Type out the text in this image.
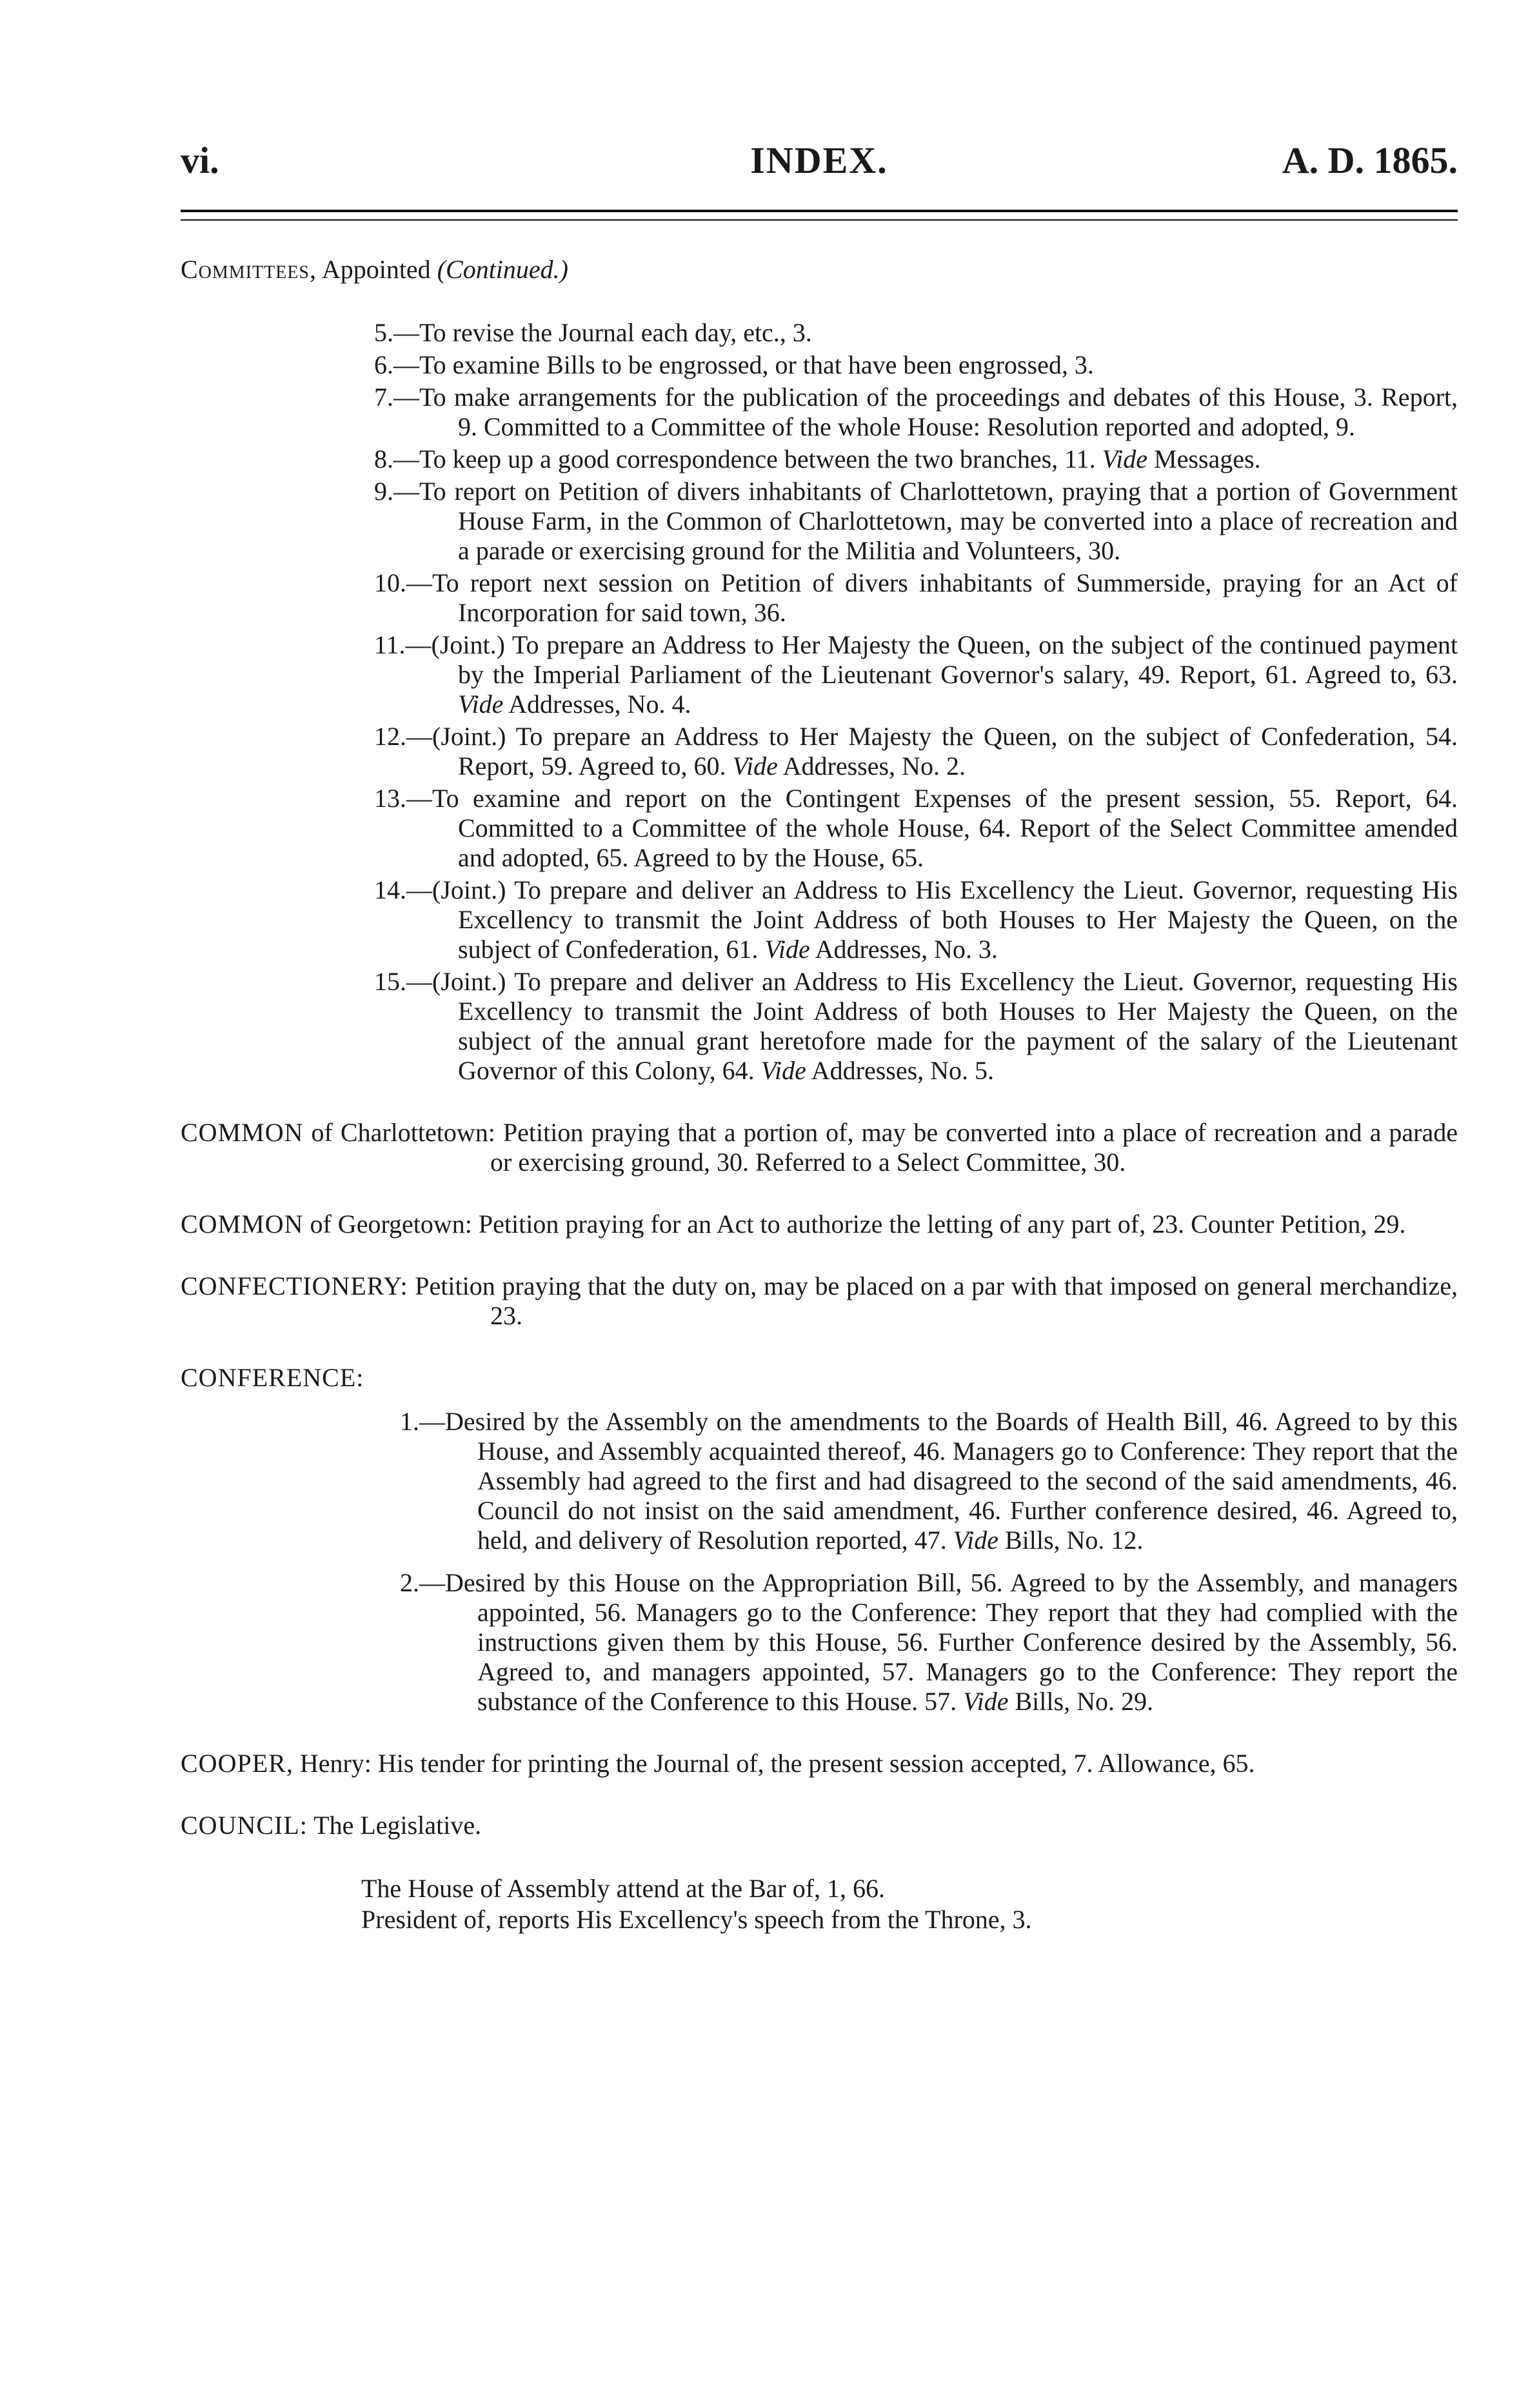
vi.	INDEX.	A. D. 1865.
Committees, Appointed (Continued.)
5.—To revise the Journal each day, etc., 3.
6.—To examine Bills to be engrossed, or that have been engrossed, 3.
7.—To make arrangements for the publication of the proceedings and debates of this House, 3. Report, 9. Committed to a Committee of the whole House: Resolution reported and adopted, 9.
8.—To keep up a good correspondence between the two branches, 11. Vide Messages.
9.—To report on Petition of divers inhabitants of Charlottetown, praying that a portion of Government House Farm, in the Common of Charlottetown, may be converted into a place of recreation and a parade or exercising ground for the Militia and Volunteers, 30.
10.—To report next session on Petition of divers inhabitants of Summerside, praying for an Act of Incorporation for said town, 36.
11.—(Joint.) To prepare an Address to Her Majesty the Queen, on the subject of the continued payment by the Imperial Parliament of the Lieutenant Governor's salary, 49. Report, 61. Agreed to, 63. Vide Addresses, No. 4.
12.—(Joint.) To prepare an Address to Her Majesty the Queen, on the subject of Confederation, 54. Report, 59. Agreed to, 60. Vide Addresses, No. 2.
13.—To examine and report on the Contingent Expenses of the present session, 55. Report, 64. Committed to a Committee of the whole House, 64. Report of the Select Committee amended and adopted, 65. Agreed to by the House, 65.
14.—(Joint.) To prepare and deliver an Address to His Excellency the Lieut. Governor, requesting His Excellency to transmit the Joint Address of both Houses to Her Majesty the Queen, on the subject of Confederation, 61. Vide Addresses, No. 3.
15.—(Joint.) To prepare and deliver an Address to His Excellency the Lieut. Governor, requesting His Excellency to transmit the Joint Address of both Houses to Her Majesty the Queen, on the subject of the annual grant heretofore made for the payment of the salary of the Lieutenant Governor of this Colony, 64. Vide Addresses, No. 5.
COMMON of Charlottetown: Petition praying that a portion of, may be converted into a place of recreation and a parade or exercising ground, 30. Referred to a Select Committee, 30.
COMMON of Georgetown: Petition praying for an Act to authorize the letting of any part of, 23. Counter Petition, 29.
CONFECTIONERY: Petition praying that the duty on, may be placed on a par with that imposed on general merchandize, 23.
CONFERENCE:
1.—Desired by the Assembly on the amendments to the Boards of Health Bill, 46. Agreed to by this House, and Assembly acquainted thereof, 46. Managers go to Conference: They report that the Assembly had agreed to the first and had disagreed to the second of the said amendments, 46. Council do not insist on the said amendment, 46. Further conference desired, 46. Agreed to, held, and delivery of Resolution reported, 47. Vide Bills, No. 12.
2.—Desired by this House on the Appropriation Bill, 56. Agreed to by the Assembly, and managers appointed, 56. Managers go to the Conference: They report that they had complied with the instructions given them by this House, 56. Further Conference desired by the Assembly, 56. Agreed to, and managers appointed, 57. Managers go to the Conference: They report the substance of the Conference to this House. 57. Vide Bills, No. 29.
COOPER, Henry: His tender for printing the Journal of, the present session accepted, 7. Allowance, 65.
COUNCIL: The Legislative.
The House of Assembly attend at the Bar of, 1, 66.
President of, reports His Excellency's speech from the Throne, 3.
